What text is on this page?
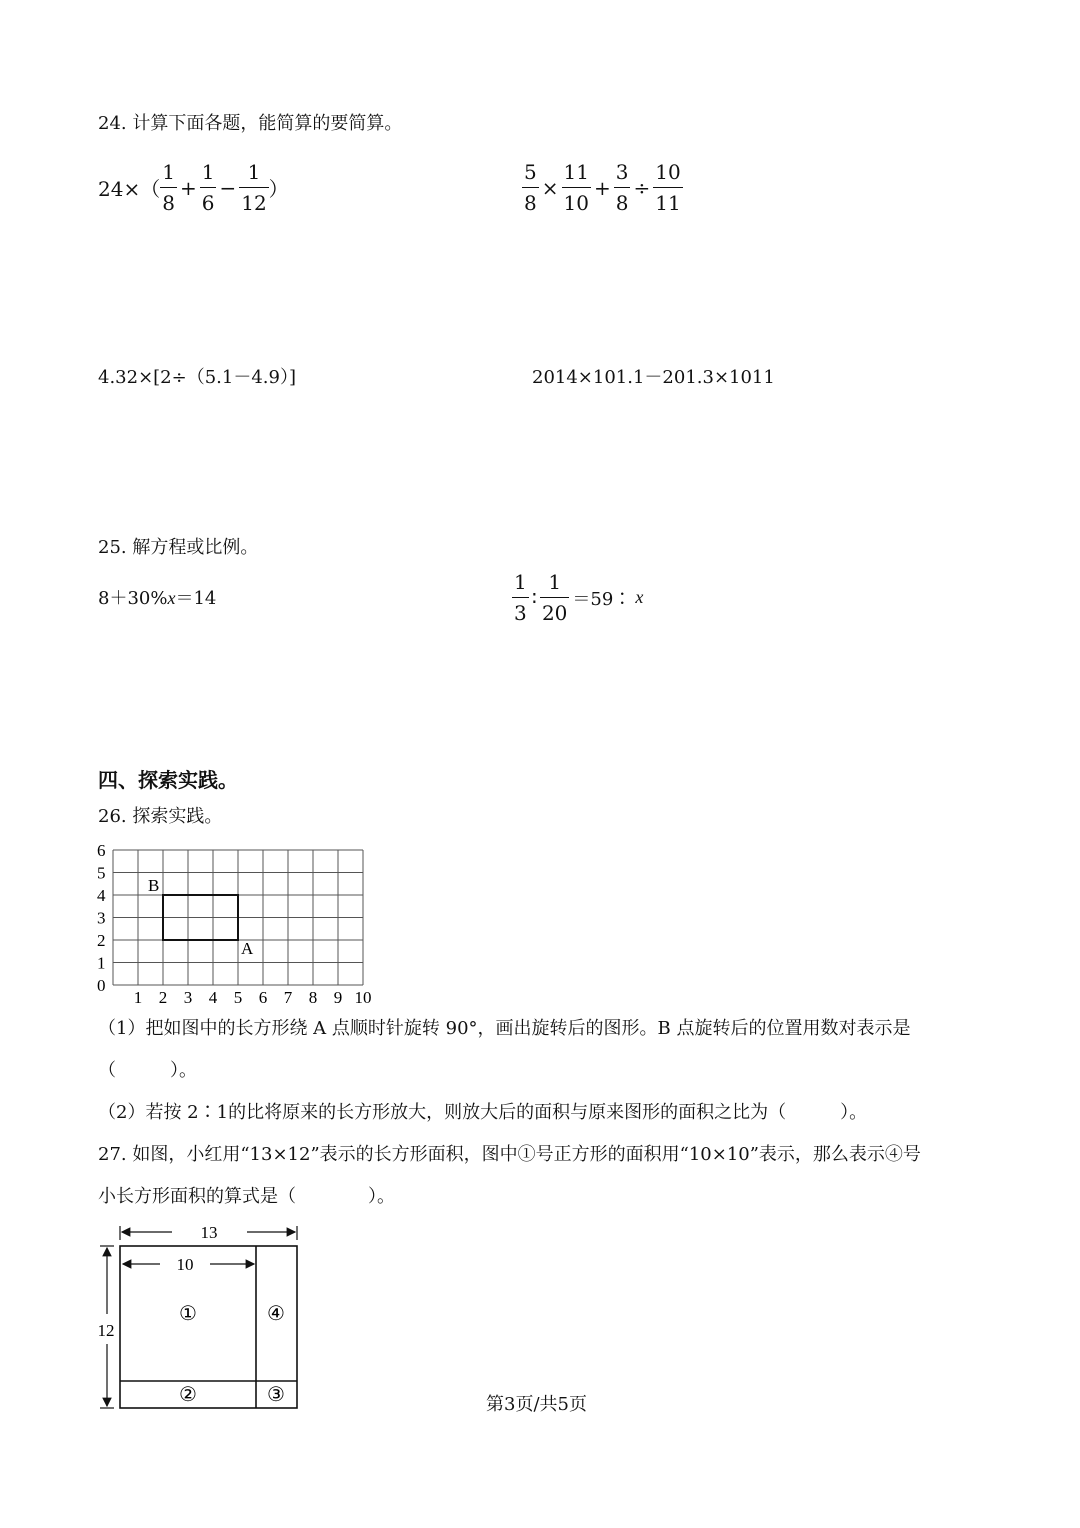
24. 计算下面各题，能简算的要简算。
$24\times( \frac{1}{8} + \frac{1}{6} - \frac{1}{12}$ ）	$\frac{5}{8} \times \frac{11}{10} + \frac{3}{8} \div \frac{10}{11}$
4.32×[2÷（5.1－4.9）]	2014×101.1－201.3×1011
25. 解方程或比例。
8＋30%x＝14	$\frac{1}{3}$ ∶ $\frac{1}{20}$ ＝59∶ x
四、探索实践。
26. 探索实践。
0
1
2
3
4
5
6
1 2 3 4 5 6 7 8 9 10
B
A
（1）把如图中的长方形绕 A 点顺时针旋转 90°，画出旋转后的图形。B 点旋转后的位置用数对表示是
（　　　）。
（2）若按 2∶1的比将原来的长方形放大，则放大后的面积与原来图形的面积之比为（　　　）。
27. 如图，小红用“13×12”表示的长方形面积，图中①号正方形的面积用“10×10”表示，那么表示④号
小长方形面积的算式是（　　　　）。
13
10
12
①	④
②	③	第3页/共5页
